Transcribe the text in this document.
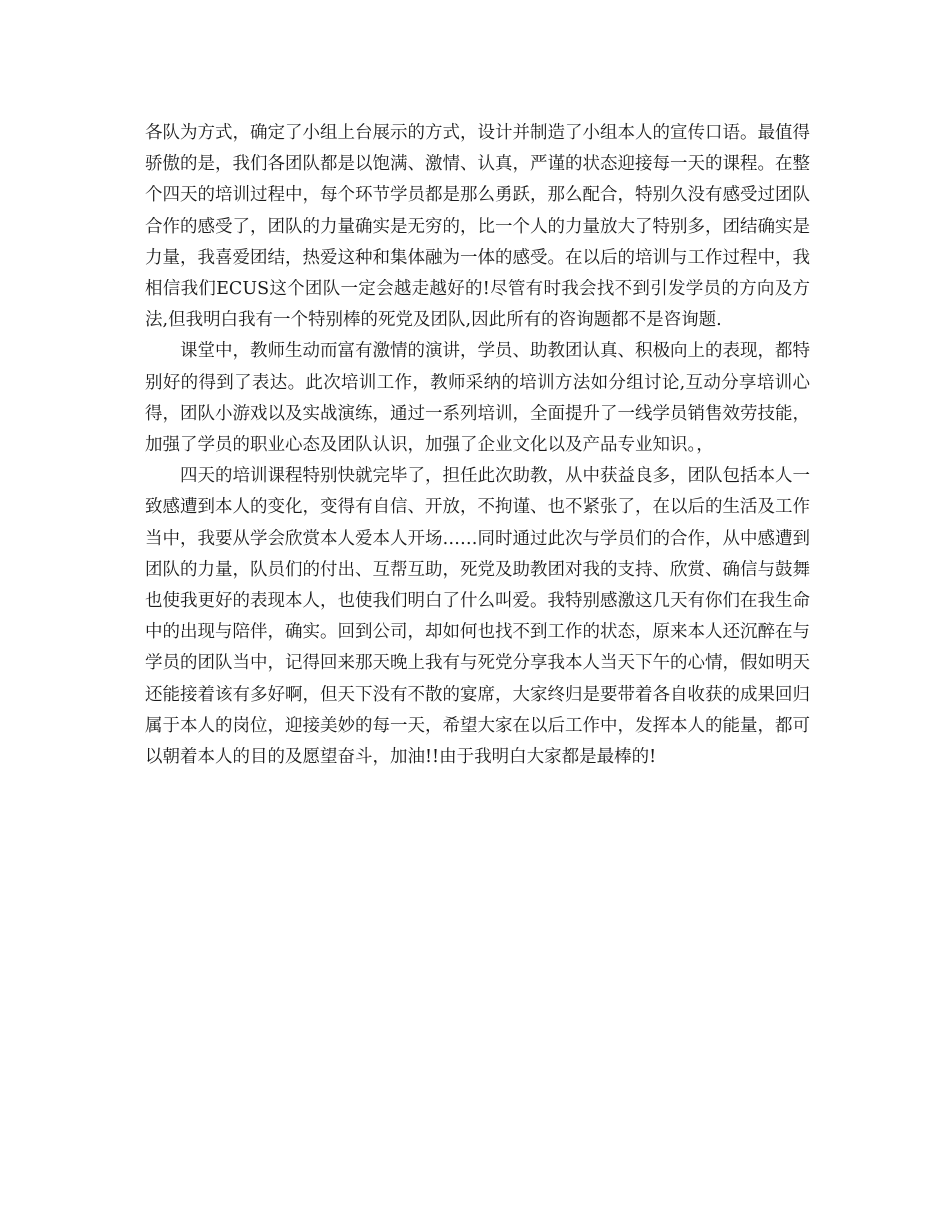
各队为方式，确定了小组上台展示的方式，设计并制造了小组本人的宣传口语。最值得骄傲的是，我们各团队都是以饱满、激情、认真，严谨的状态迎接每一天的课程。在整个四天的培训过程中，每个环节学员都是那么勇跃，那么配合，特别久没有感受过团队合作的感受了，团队的力量确实是无穷的，比一个人的力量放大了特别多，团结确实是力量，我喜爱团结，热爱这种和集体融为一体的感受。在以后的培训与工作过程中，我相信我们ECUS这个团队一定会越走越好的!尽管有时我会找不到引发学员的方向及方法,但我明白我有一个特别棒的死党及团队,因此所有的咨询题都不是咨询题.

课堂中，教师生动而富有激情的演讲，学员、助教团认真、积极向上的表现，都特别好的得到了表达。此次培训工作，教师采纳的培训方法如分组讨论,互动分享培训心得，团队小游戏以及实战演练，通过一系列培训，全面提升了一线学员销售效劳技能，加强了学员的职业心态及团队认识，加强了企业文化以及产品专业知识。，

四天的培训课程特别快就完毕了，担任此次助教，从中获益良多，团队包括本人一致感遭到本人的变化，变得有自信、开放，不拘谨、也不紧张了，在以后的生活及工作当中，我要从学会欣赏本人爱本人开场……同时通过此次与学员们的合作，从中感遭到团队的力量，队员们的付出、互帮互助，死党及助教团对我的支持、欣赏、确信与鼓舞也使我更好的表现本人，也使我们明白了什么叫爱。我特别感激这几天有你们在我生命中的出现与陪伴，确实。回到公司，却如何也找不到工作的状态，原来本人还沉醉在与学员的团队当中，记得回来那天晚上我有与死党分享我本人当天下午的心情，假如明天还能接着该有多好啊，但天下没有不散的宴席，大家终归是要带着各自收获的成果回归属于本人的岗位，迎接美妙的每一天，希望大家在以后工作中，发挥本人的能量，都可以朝着本人的目的及愿望奋斗，加油!!由于我明白大家都是最棒的!
